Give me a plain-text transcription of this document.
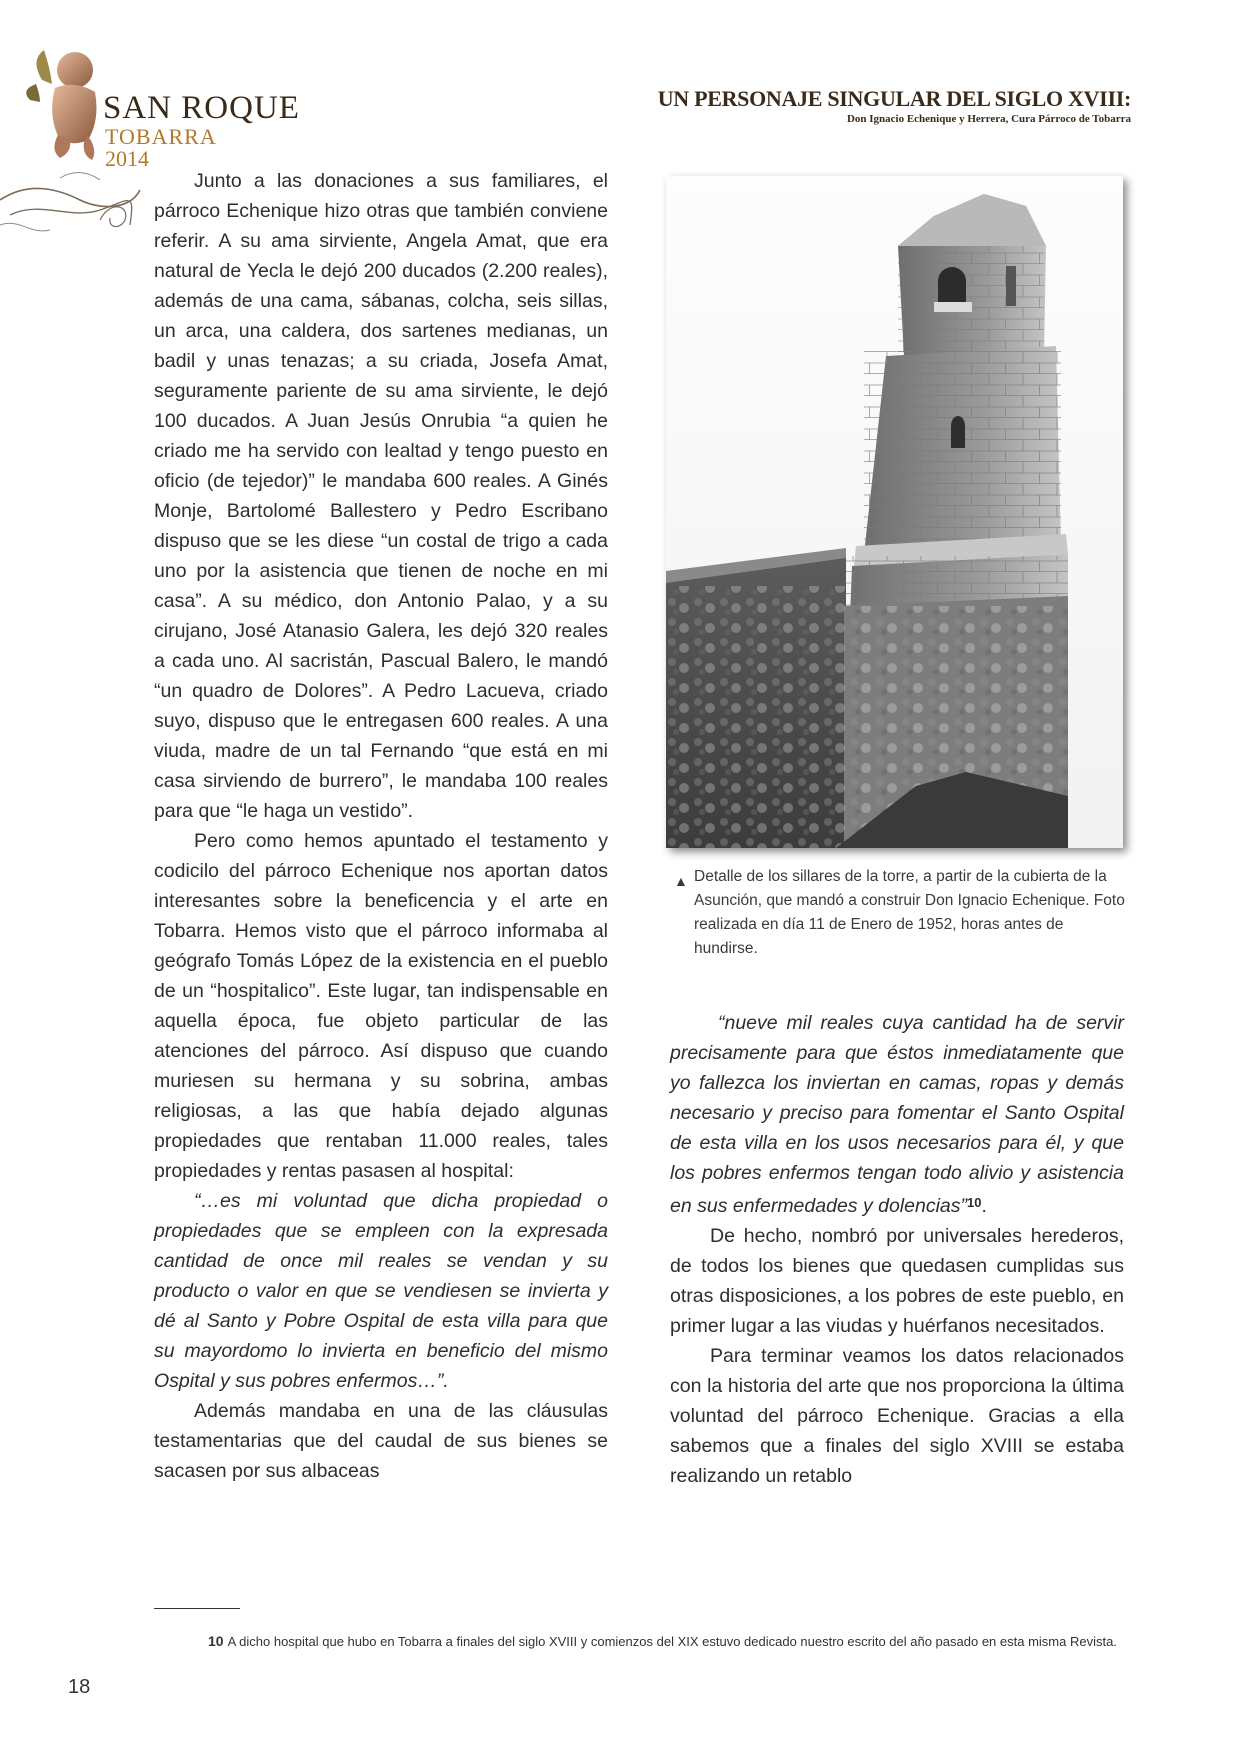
SAN ROQUE
TOBARRA
2014
UN PERSONAJE SINGULAR DEL SIGLO XVIII:
Don Ignacio Echenique y Herrera, Cura Párroco de Tobarra

Junto a las donaciones a sus familiares, el párroco Echenique hizo otras que también conviene referir. A su ama sirviente, Angela Amat, que era natural de Yecla le dejó 200 ducados (2.200 reales), además de una cama, sábanas, colcha, seis sillas, un arca, una caldera, dos sartenes medianas, un badil y unas tenazas; a su criada, Josefa Amat, seguramente pariente de su ama sirviente, le dejó 100 ducados. A Juan Jesús Onrubia “a quien he criado me ha servido con lealtad y tengo puesto en oficio (de tejedor)” le mandaba 600 reales. A Ginés Monje, Bartolomé Ballestero y Pedro Escribano dispuso que se les diese “un costal de trigo a cada uno por la asistencia que tienen de noche en mi casa”. A su médico, don Antonio Palao, y a su cirujano, José Atanasio Galera, les dejó 320 reales a cada uno. Al sacristán, Pascual Balero, le mandó “un quadro de Dolores”. A Pedro Lacueva, criado suyo, dispuso que le entregasen 600 reales. A una viuda, madre de un tal Fernando “que está en mi casa sirviendo de burrero”, le mandaba 100 reales para que “le haga un vestido”.

Pero como hemos apuntado el testamento y codicilo del párroco Echenique nos aportan datos interesantes sobre la beneficencia y el arte en Tobarra. Hemos visto que el párroco informaba al geógrafo Tomás López de la existencia en el pueblo de un “hospitalico”. Este lugar, tan indispensable en aquella época, fue objeto particular de las atenciones del párroco. Así dispuso que cuando muriesen su hermana y su sobrina, ambas religiosas, a las que había dejado algunas propiedades que rentaban 11.000 reales, tales propiedades y rentas pasasen al hospital:

“…es mi voluntad que dicha propiedad o propiedades que se empleen con la expresada cantidad de once mil reales se vendan y su producto o valor en que se vendiesen se invierta y dé al Santo y Pobre Ospital de esta villa para que su mayordomo lo invierta en beneficio del mismo Ospital y sus pobres enfermos…”.

Además mandaba en una de las cláusulas testamentarias que del caudal de sus bienes se sacasen por sus albaceas

▲ Detalle de los sillares de la torre, a partir de la cubierta de la Asunción, que mandó a construir Don Ignacio Echenique. Foto realizada en día 11 de Enero de 1952, horas antes de hundirse.

“nueve mil reales cuya cantidad ha de servir precisamente para que éstos inmediatamente que yo fallezca los inviertan en camas, ropas y demás necesario y preciso para fomentar el Santo Ospital de esta villa en los usos necesarios para él, y que los pobres enfermos tengan todo alivio y asistencia en sus enfermedades y dolencias”$^{10}$.

De hecho, nombró por universales herederos, de todos los bienes que quedasen cumplidas sus otras disposiciones, a los pobres de este pueblo, en primer lugar a las viudas y huérfanos necesitados.

Para terminar veamos los datos relacionados con la historia del arte que nos proporciona la última voluntad del párroco Echenique. Gracias a ella sabemos que a finales del siglo XVIII se estaba realizando un retablo

10 A dicho hospital que hubo en Tobarra a finales del siglo XVIII y comienzos del XIX estuvo dedicado nuestro escrito del año pasado en esta misma Revista.
18
